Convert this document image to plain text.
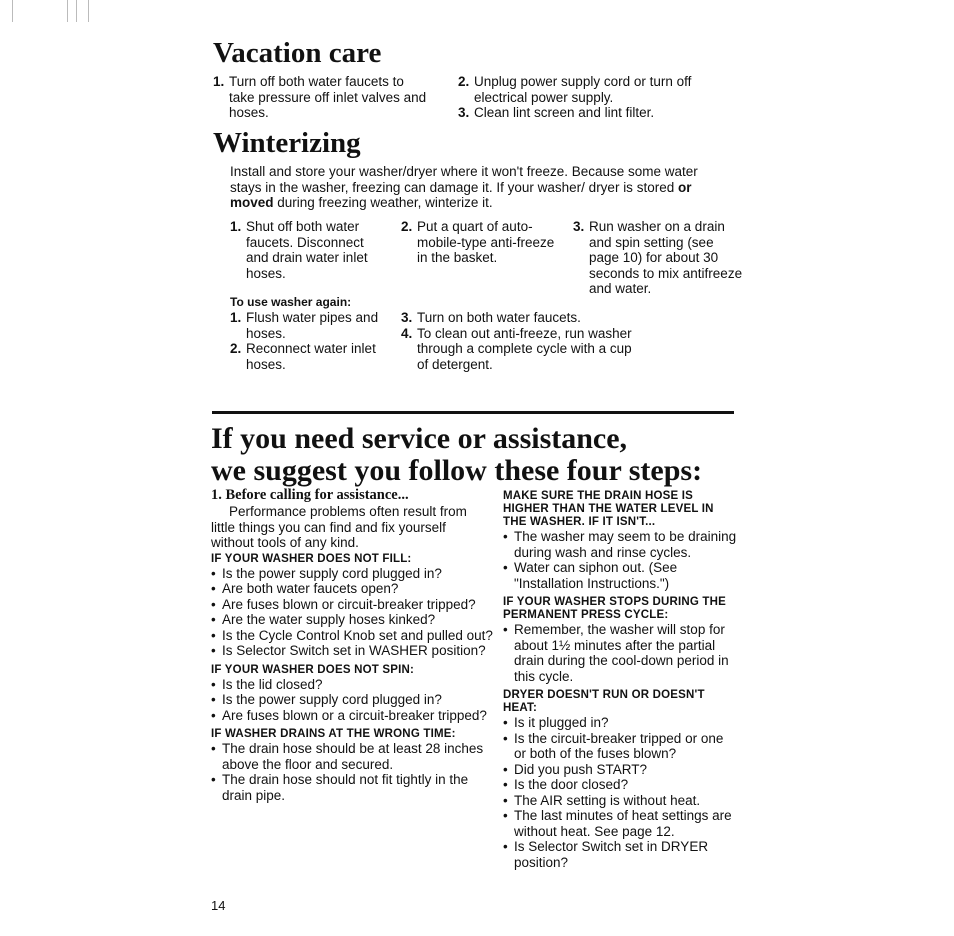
Vacation care
1. Turn off both water faucets to take pressure off inlet valves and hoses.
2. Unplug power supply cord or turn off electrical power supply.
3. Clean lint screen and lint filter.
Winterizing

Install and store your washer/dryer where it won't freeze. Because some water stays in the washer, freezing can damage it. If your washer/ dryer is stored or moved during freezing weather, winterize it.

1. Shut off both water faucets. Disconnect and drain water inlet hoses.
2. Put a quart of auto-mobile-type anti-freeze in the basket.
3. Run washer on a drain and spin setting (see page 10) for about 30 seconds to mix antifreeze and water.
To use washer again:
1. Flush water pipes and hoses.
2. Reconnect water inlet hoses.
3. Turn on both water faucets.
4. To clean out anti-freeze, run washer through a complete cycle with a cup of detergent.
If you need service or assistance,
we suggest you follow these four steps:
1. Before calling for assistance...

Performance problems often result from little things you can find and fix yourself without tools of any kind.

IF YOUR WASHER DOES NOT FILL:
• Is the power supply cord plugged in?
• Are both water faucets open?
• Are fuses blown or circuit-breaker tripped?
• Are the water supply hoses kinked?
• Is the Cycle Control Knob set and pulled out?
• Is Selector Switch set in WASHER position?
IF YOUR WASHER DOES NOT SPIN:
• Is the lid closed?
• Is the power supply cord plugged in?
• Are fuses blown or a circuit-breaker tripped?
IF WASHER DRAINS AT THE WRONG TIME:
• The drain hose should be at least 28 inches above the floor and secured.
• The drain hose should not fit tightly in the drain pipe.
MAKE SURE THE DRAIN HOSE IS HIGHER THAN THE WATER LEVEL IN THE WASHER. IF IT ISN'T...
• The washer may seem to be draining during wash and rinse cycles.
• Water can siphon out. (See "Installation Instructions.")
IF YOUR WASHER STOPS DURING THE PERMANENT PRESS CYCLE:
• Remember, the washer will stop for about 1½ minutes after the partial drain during the cool-down period in this cycle.
DRYER DOESN'T RUN OR DOESN'T HEAT:
• Is it plugged in?
• Is the circuit-breaker tripped or one or both of the fuses blown?
• Did you push START?
• Is the door closed?
• The AIR setting is without heat.
• The last minutes of heat settings are without heat. See page 12.
• Is Selector Switch set in DRYER position?
14
